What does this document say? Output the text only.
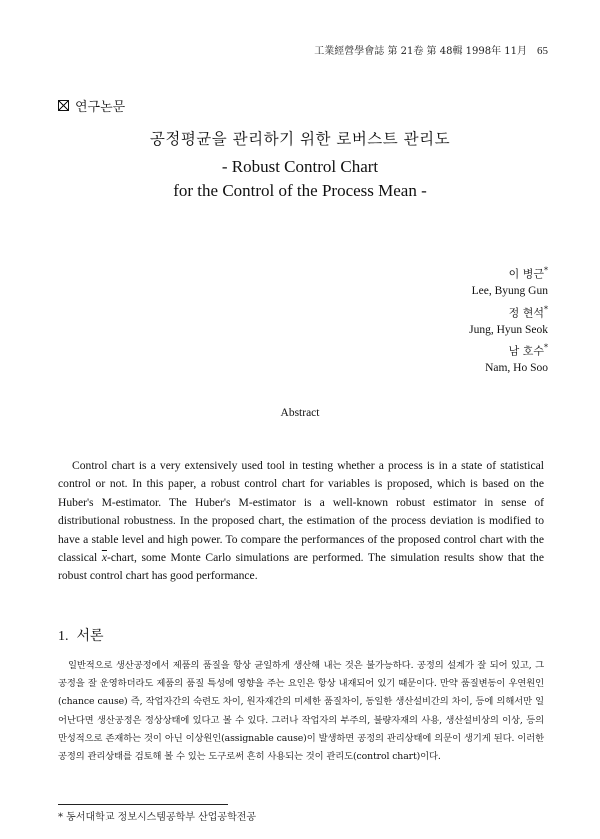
工業經營學會誌 第 21卷 第 48輯 1998年 11月 65
연구논문
공정평균을 관리하기 위한 로버스트 관리도
- Robust Control Chart
for the Control of the Process Mean -
이 병근*
Lee, Byung Gun
정 현석*
Jung, Hyun Seok
남 호수*
Nam, Ho Soo
Abstract
Control chart is a very extensively used tool in testing whether a process is in a state of statistical control or not. In this paper, a robust control chart for variables is proposed, which is based on the Huber's M-estimator. The Huber's M-estimator is a well-known robust estimator in sense of distributional robustness. In the proposed chart, the estimation of the process deviation is modified to have a stable level and high power. To compare the performances of the proposed control chart with the classical $\overline{x}$-chart, some Monte Carlo simulations are performed. The simulation results show that the robust control chart has good performance.
1. 서론
일반적으로 생산공정에서 제품의 품질을 항상 균일하게 생산해 내는 것은 불가능하다. 공정의 설계가 잘 되어 있고, 그 공정을 잘 운영하더라도 제품의 품질 특성에 영향을 주는 요인은 항상 내재되어 있기 때문이다. 만약 품질변동이 우연원인(chance cause) 즉, 작업자간의 숙련도 차이, 원자재간의 미세한 품질차이, 동일한 생산설비간의 차이, 등에 의해서만 일어난다면 생산공정은 정상상태에 있다고 볼 수 있다. 그러나 작업자의 부주의, 불량자재의 사용, 생산설비상의 이상, 등의 만성적으로 존재하는 것이 아닌 이상원인(assignable cause)이 발생하면 공정의 관리상태에 의문이 생기게 된다. 이러한 공정의 관리상태를 검토해 볼 수 있는 도구로써 흔히 사용되는 것이 관리도(control chart)이다.
* 동서대학교 정보시스템공학부 산업공학전공
